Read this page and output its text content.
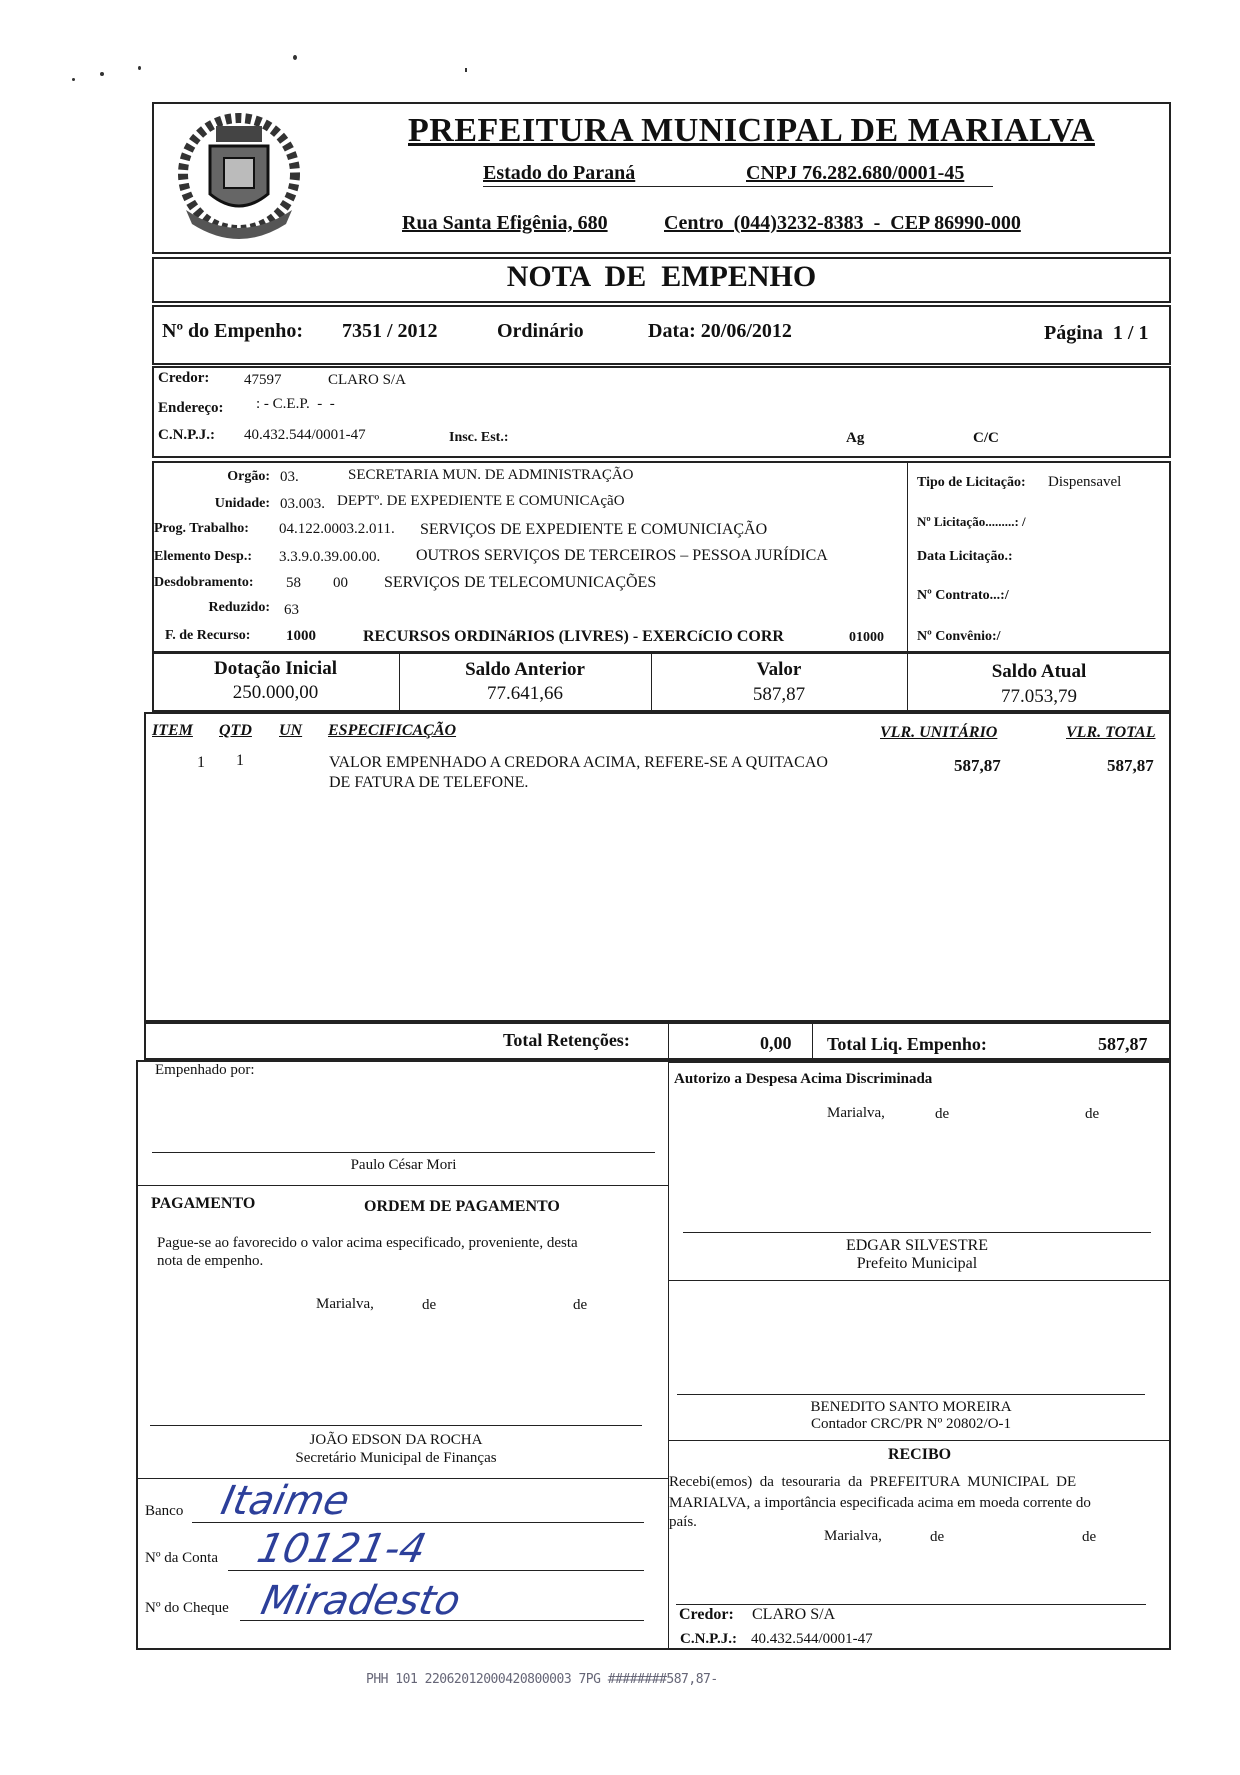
PREFEITURA MUNICIPAL DE MARIALVA
Estado do Paraná	CNPJ 76.282.680/0001-45
Rua Santa Efigênia, 680	Centro  (044)3232-8383  -  CEP 86990-000
NOTA  DE  EMPENHO
Nº do Empenho: 7351 / 2012	Ordinário	Data: 20/06/2012	Página  1 / 1
Credor: 47597	CLARO S/A
Endereço: : - C.E.P.  -  -
C.N.P.J.: 40.432.544/0001-47	Insc. Est.:	Ag	C/C
Orgão: 03.	SECRETARIA MUN. DE ADMINISTRAÇÃO
Unidade: 03.003. DEPTº. DE EXPEDIENTE E COMUNICAçãO
Prog. Trabalho: 04.122.0003.2.011. SERVIÇOS DE EXPEDIENTE E COMUNICIAÇÃO
Elemento Desp.: 3.3.9.0.39.00.00. OUTROS SERVIÇOS DE TERCEIROS – PESSOA JURÍDICA
Desdobramento: 58 00 SERVIÇOS DE TELECOMUNICAÇÕES
Reduzido: 63
F. de Recurso: 1000	RECURSOS ORDINáRIOS (LIVRES) - EXERCíCIO CORR	01000
Tipo de Licitação: Dispensavel
Nº Licitação.........: /
Data Licitação.:
Nº Contrato...:/
Nº Convênio:/
Dotação Inicial
250.000,00
Saldo Anterior
77.641,66
Valor
587,87
Saldo Atual
77.053,79
ITEM QTD UN ESPECIFICAÇÃO	VLR. UNITÁRIO	VLR. TOTAL
1 1	VALOR EMPENHADO A CREDORA ACIMA, REFERE-SE A QUITACAO
DE FATURA DE TELEFONE.
587,87	587,87
Total Retenções:	0,00 Total Liq. Empenho:	587,87
Empenhado por:
Paulo César Mori
PAGAMENTO	ORDEM DE PAGAMENTO
Pague-se ao favorecido o valor acima especificado, proveniente, desta
nota de empenho.
Marialva,	de	de
JOÃO EDSON DA ROCHA
Secretário Municipal de Finanças
Banco Itaime
Nº da Conta 10121-4
Nº do Cheque Miradesto
Autorizo a Despesa Acima Discriminada
Marialva,	de	de
EDGAR SILVESTRE
Prefeito Municipal
BENEDITO SANTO MOREIRA
Contador CRC/PR Nº 20802/O-1
RECIBO
Recebi(emos)  da  tesouraria  da  PREFEITURA  MUNICIPAL  DE
MARIALVA, a importância especificada acima em moeda corrente do
país.
Marialva,	de	de
Credor: CLARO S/A
C.N.P.J.: 40.432.544/0001-47
PHH 101 22062012000420800003 7PG ########587,87-
